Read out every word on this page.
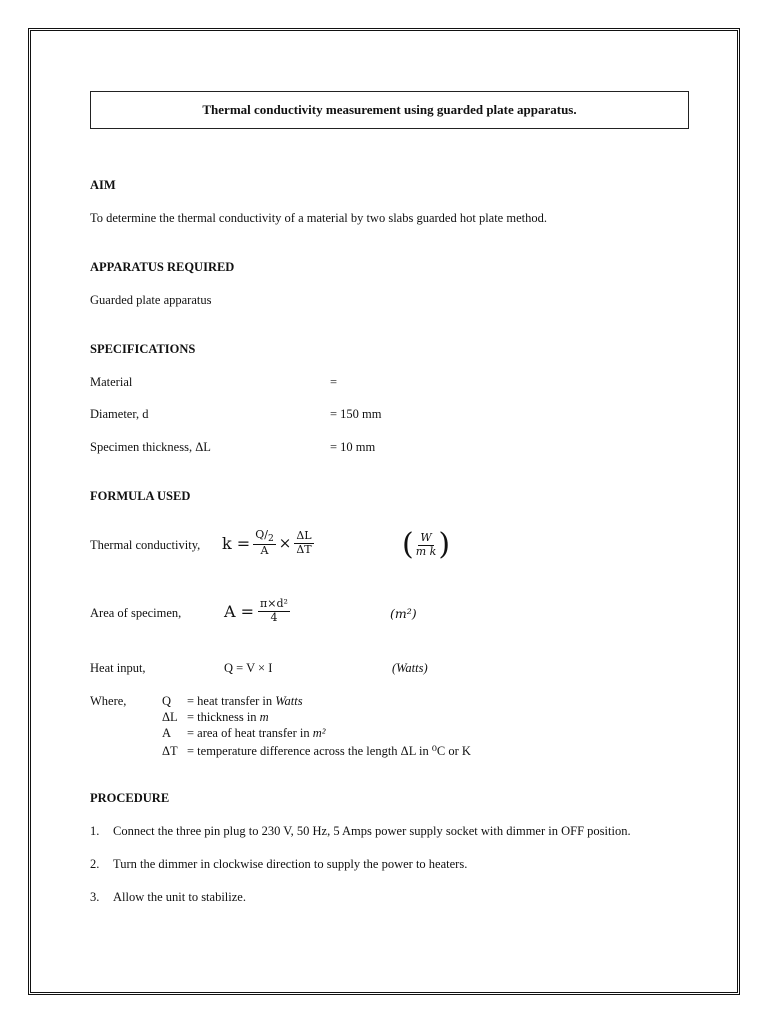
Thermal conductivity measurement using guarded plate apparatus.
AIM
To determine the thermal conductivity of a material by two slabs guarded hot plate method.
APPARATUS REQUIRED
Guarded plate apparatus
SPECIFICATIONS
Material	=
Diameter, d	= 150 mm
Specimen thickness, ΔL	= 10 mm
FORMULA USED
Thermal conductivity, $k = \frac{Q/_2}{A} \times \frac{\Delta L}{\Delta T}$	( $\frac{W}{\text{m k}}$ )
Area of specimen,	$A = \frac{\text{π×d²}}{4}$	(m²)
Heat input,	Q = V × I	(Watts)
Where,	Q = heat transfer in Watts
ΔL = thickness in m
A = area of heat transfer in m²
ΔT = temperature difference across the length ΔL in ⁰C or K
PROCEDURE
1. Connect the three pin plug to 230 V, 50 Hz, 5 Amps power supply socket with dimmer in OFF position.
2. Turn the dimmer in clockwise direction to supply the power to heaters.
3. Allow the unit to stabilize.
